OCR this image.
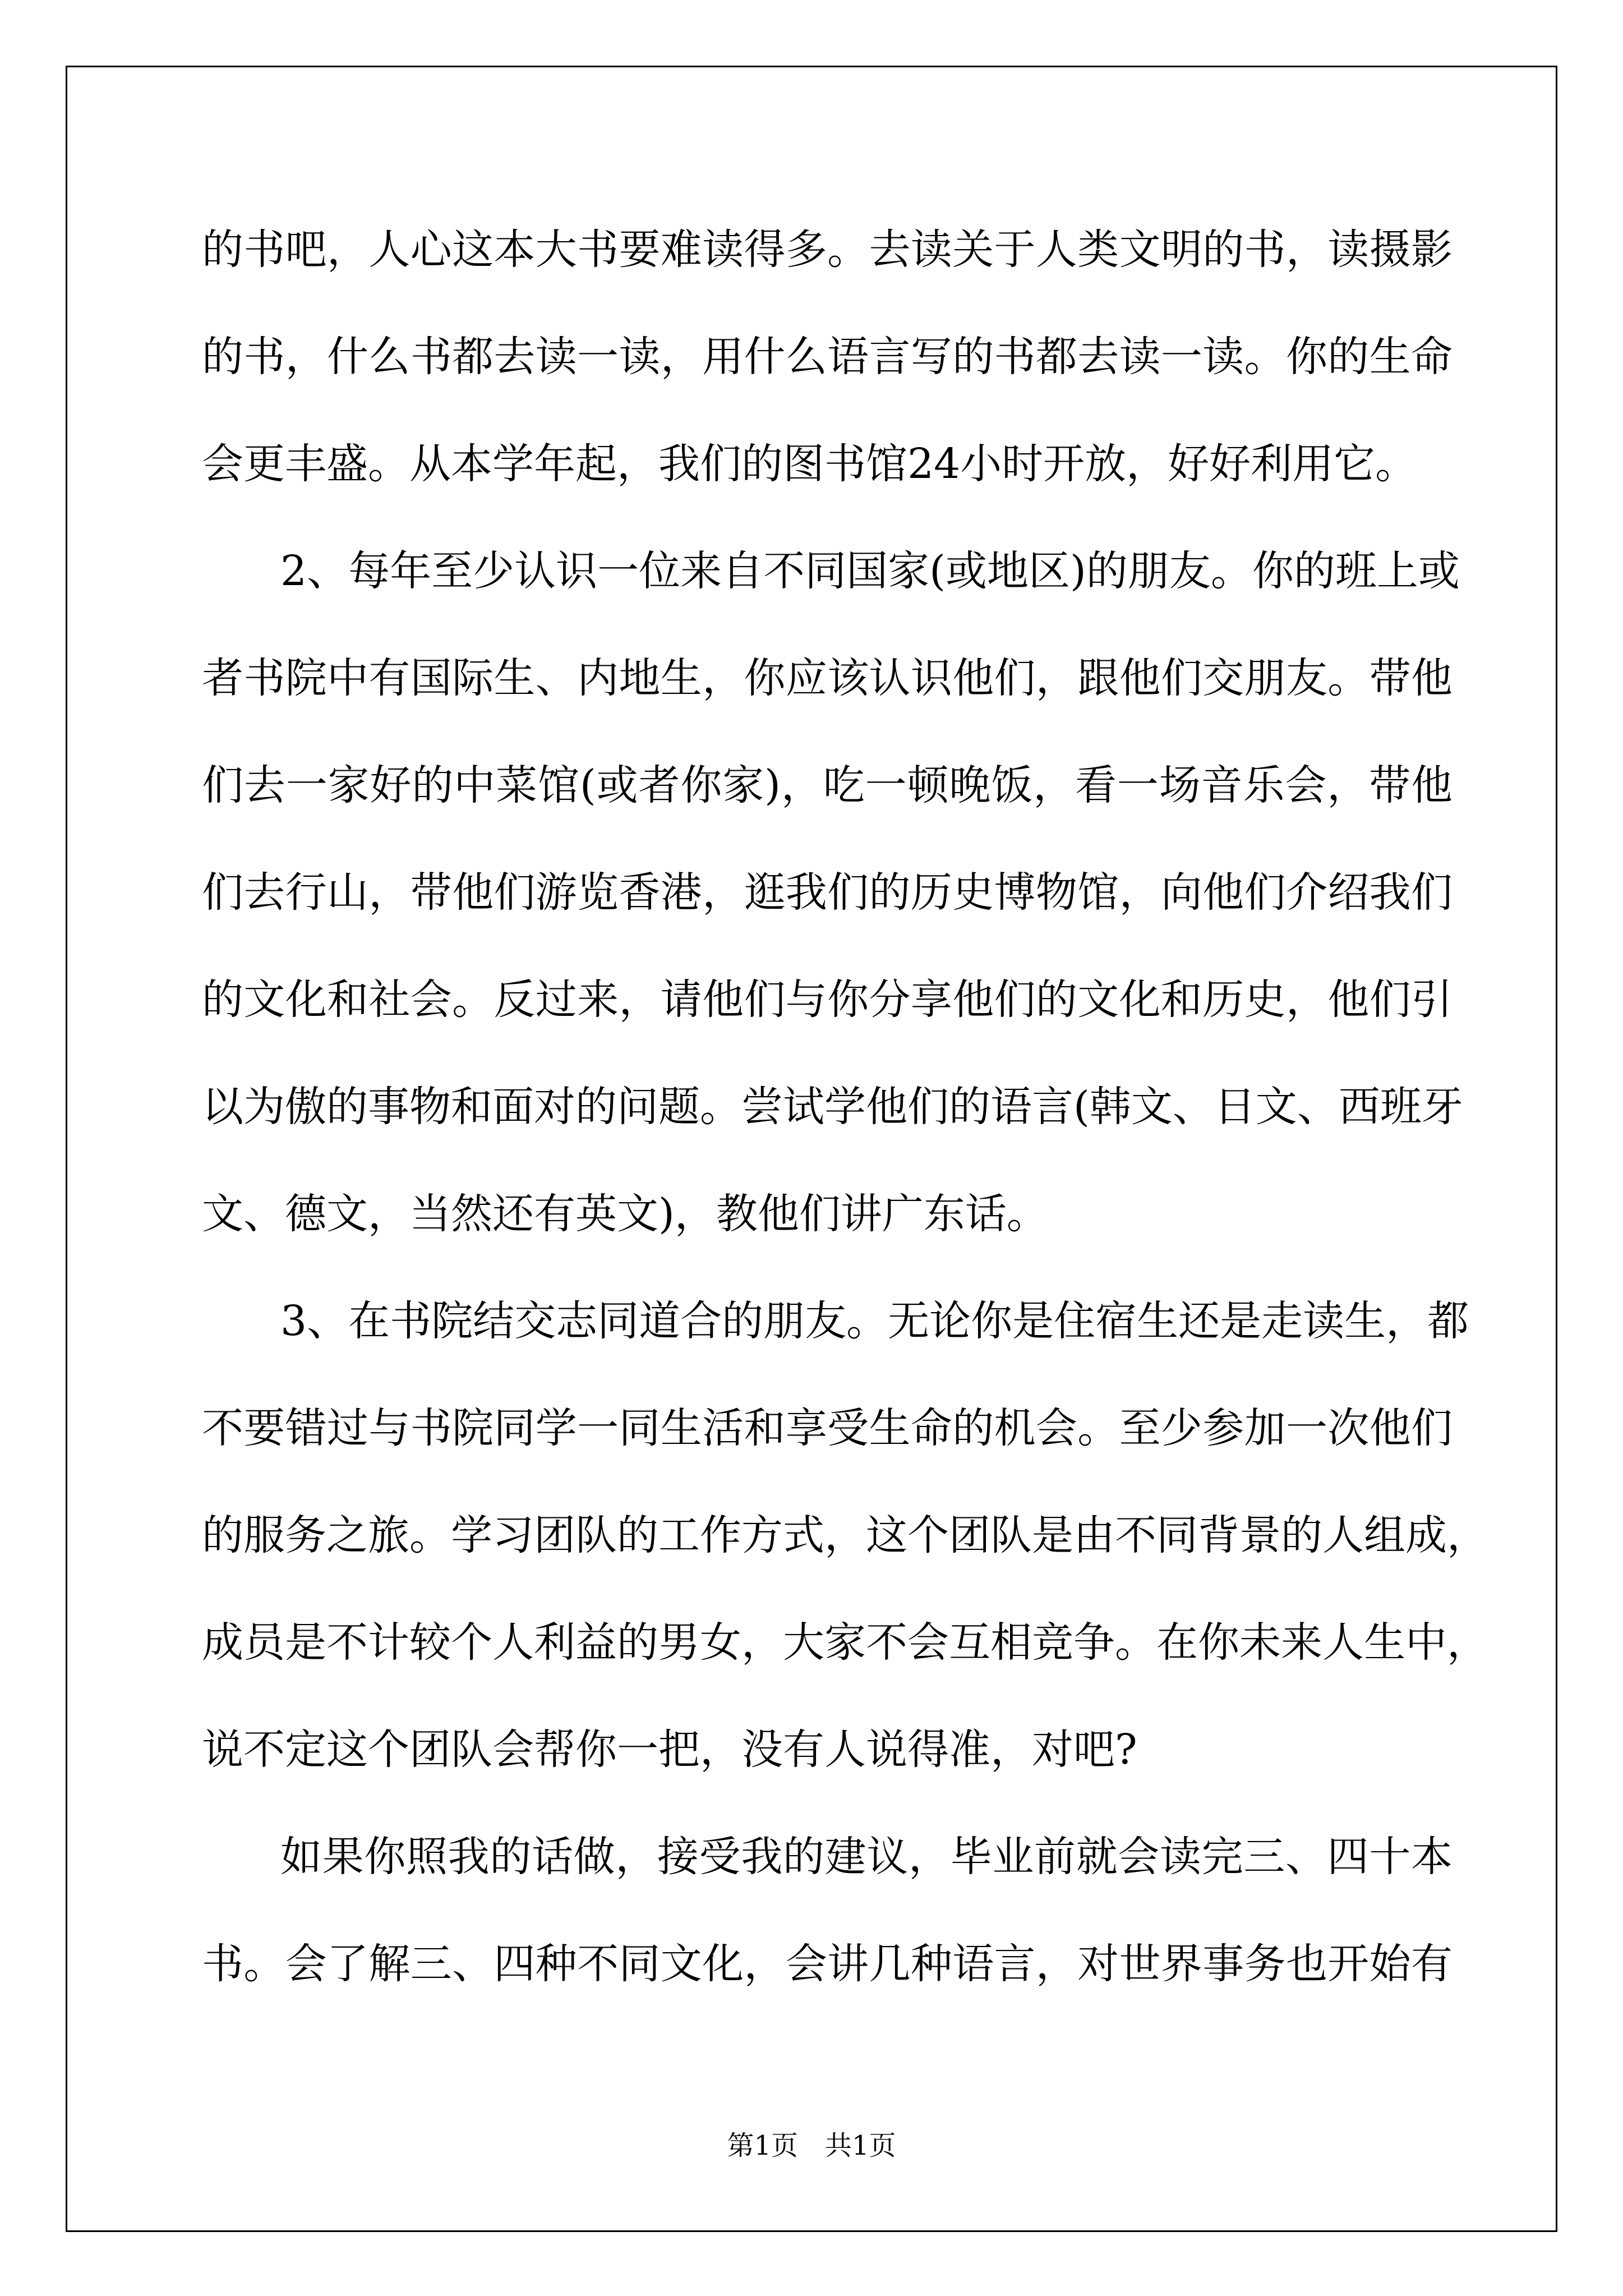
的书吧，人心这本大书要难读得多。去读关于人类文明的书，读摄影
的书，什么书都去读一读，用什么语言写的书都去读一读。你的生命
会更丰盛。从本学年起，我们的图书馆24小时开放，好好利用它。
2、每年至少认识一位来自不同国家(或地区)的朋友。你的班上或
者书院中有国际生、内地生，你应该认识他们，跟他们交朋友。带他
们去一家好的中菜馆(或者你家)，吃一顿晚饭，看一场音乐会，带他
们去行山，带他们游览香港，逛我们的历史博物馆，向他们介绍我们
的文化和社会。反过来，请他们与你分享他们的文化和历史，他们引
以为傲的事物和面对的问题。尝试学他们的语言(韩文、日文、西班牙
文、德文，当然还有英文)，教他们讲广东话。
3、在书院结交志同道合的朋友。无论你是住宿生还是走读生，都
不要错过与书院同学一同生活和享受生命的机会。至少参加一次他们
的服务之旅。学习团队的工作方式，这个团队是由不同背景的人组成，
成员是不计较个人利益的男女，大家不会互相竞争。在你未来人生中，
说不定这个团队会帮你一把，没有人说得准，对吧?
如果你照我的话做，接受我的建议，毕业前就会读完三、四十本
书。会了解三、四种不同文化，会讲几种语言，对世界事务也开始有
第1页 共1页
